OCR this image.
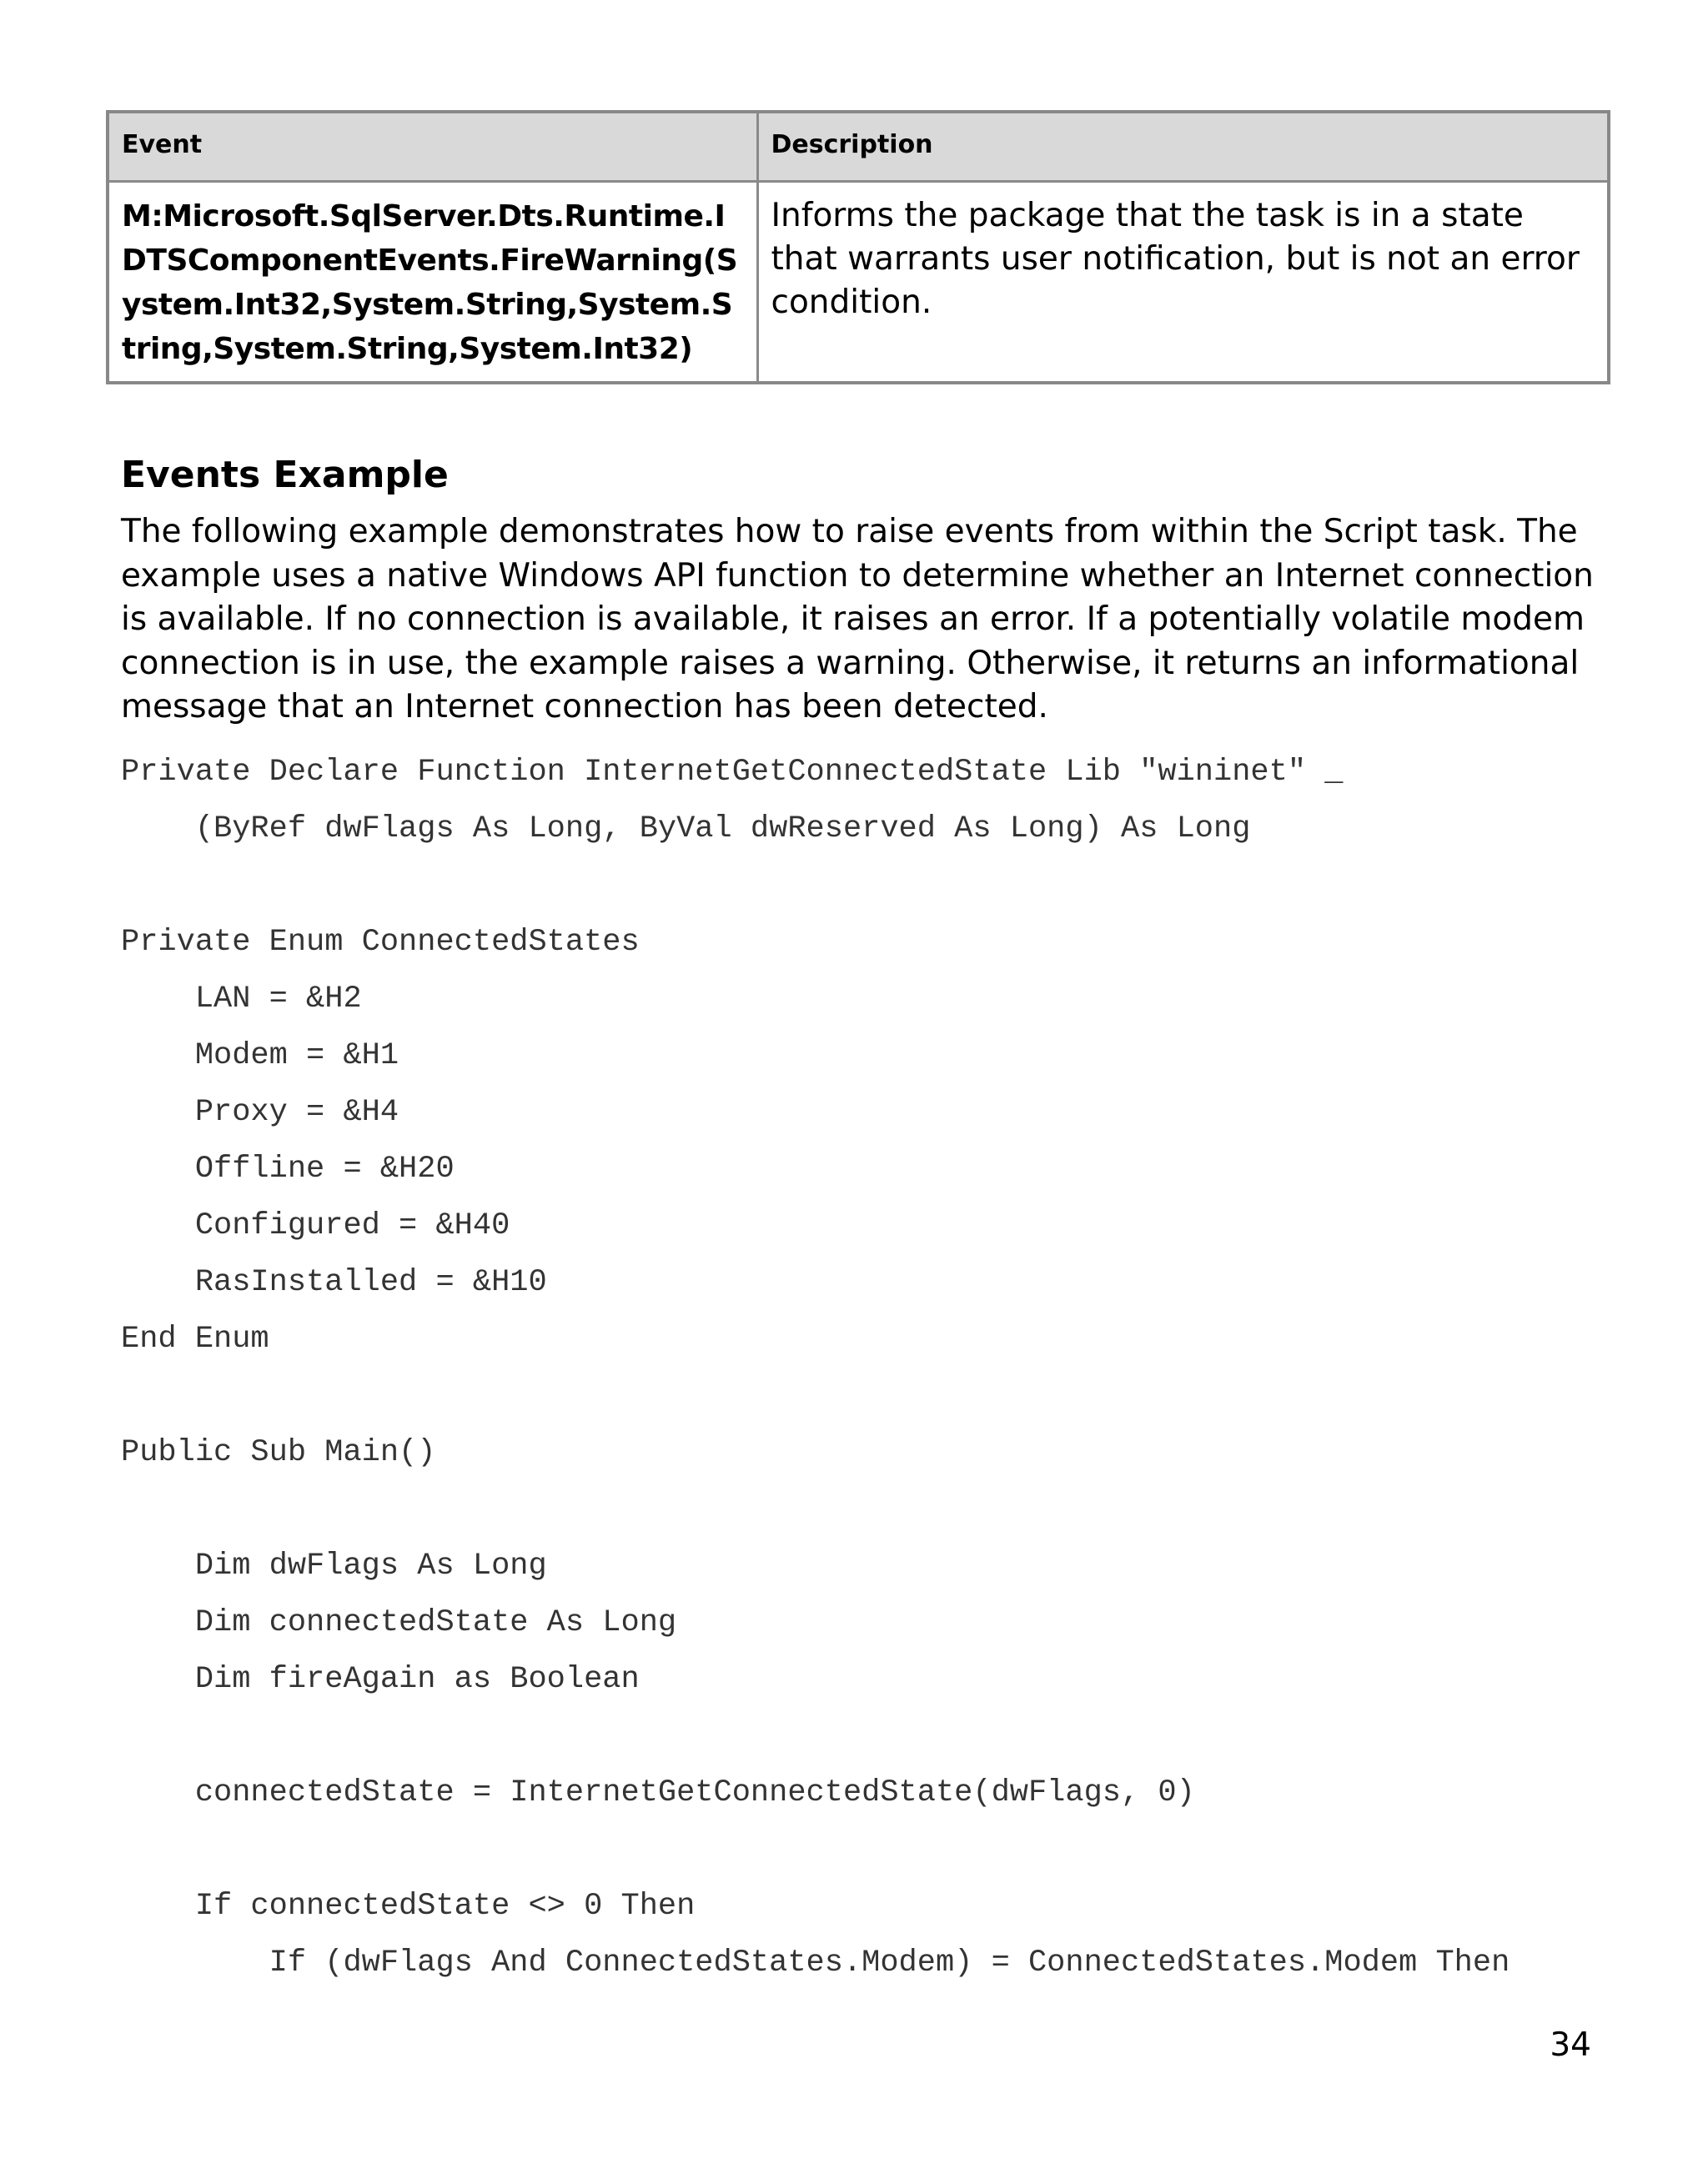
Event	Description
M:Microsoft.SqlServer.Dts.Runtime.IDTSComponentEvents.FireWarning(System.Int32,System.String,System.String,System.String,System.Int32)	Informs the package that the task is in a state that warrants user notification, but is not an error condition.
Events Example

The following example demonstrates how to raise events from within the Script task. The example uses a native Windows API function to determine whether an Internet connection is available. If no connection is available, it raises an error. If a potentially volatile modem connection is in use, the example raises a warning. Otherwise, it returns an informational message that an Internet connection has been detected.

Private Declare Function InternetGetConnectedState Lib "wininet" _
(ByRef dwFlags As Long, ByVal dwReserved As Long) As Long
Private Enum ConnectedStates
LAN = &H2
Modem = &H1
Proxy = &H4
Offline = &H20
Configured = &H40
RasInstalled = &H10
End Enum
Public Sub Main()
Dim dwFlags As Long
Dim connectedState As Long
Dim fireAgain as Boolean
connectedState = InternetGetConnectedState(dwFlags, 0)
If connectedState <> 0 Then
If (dwFlags And ConnectedStates.Modem) = ConnectedStates.Modem Then
34
